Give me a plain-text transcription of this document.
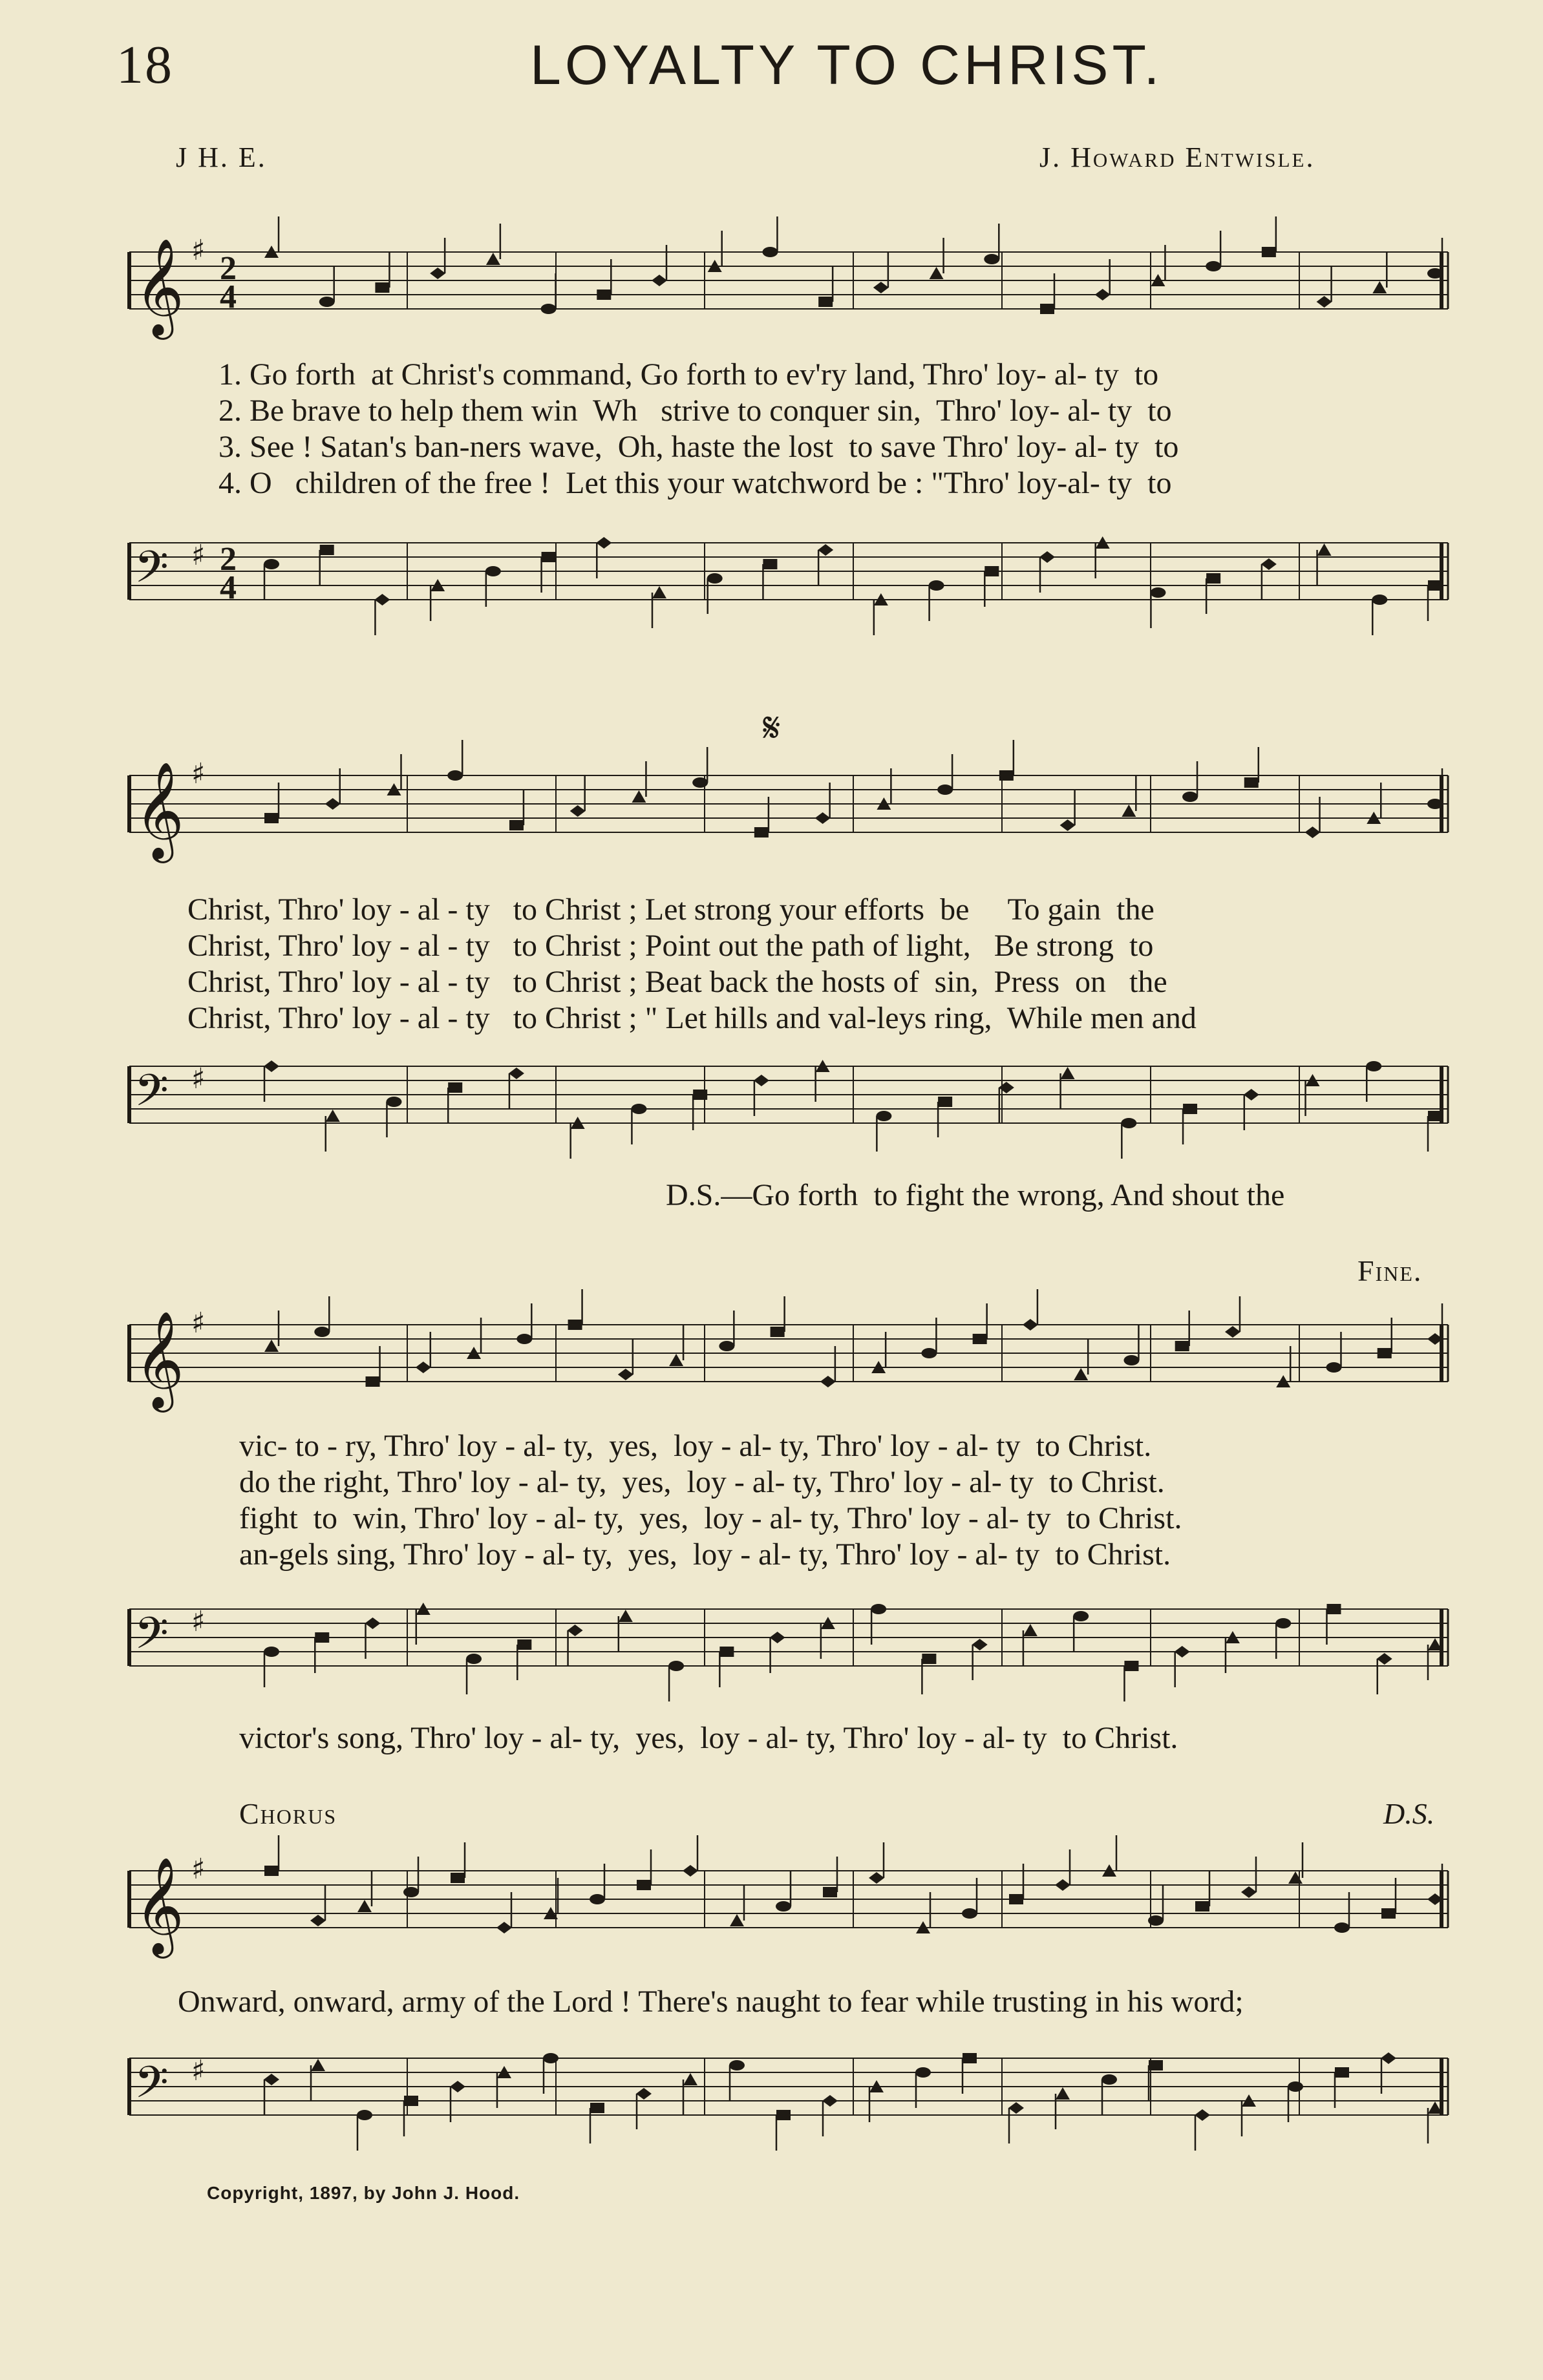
18	LOYALTY TO CHRIST.
J H. E.	J. Howard Entwisle.
𝄞 ♯ 2
4
𝄢 ♯ 2
4
1. Go forth  at Christ's command, Go forth to ev'ry land, Thro' loy- al- ty  to
2. Be brave to help them win  Wh   strive to conquer sin,  Thro' loy- al- ty  to
3. See ! Satan's ban-ners wave,  Oh, haste the lost  to save Thro' loy- al- ty  to
4. O   children of the free !  Let this your watchword be : "Thro' loy-al- ty  to
𝄋
𝄞 ♯
𝄢 ♯
Christ, Thro' loy - al - ty   to Christ ; Let strong your efforts  be     To gain  the
Christ, Thro' loy - al - ty   to Christ ; Point out the path of light,   Be strong  to
Christ, Thro' loy - al - ty   to Christ ; Beat back the hosts of  sin,  Press  on   the
Christ, Thro' loy - al - ty   to Christ ; " Let hills and val-leys ring,  While men and
D.S.—Go forth  to fight the wrong, And shout the
Fine.
𝄞 ♯
𝄢 ♯
vic- to - ry, Thro' loy - al- ty,  yes,  loy - al- ty, Thro' loy - al- ty  to Christ.
do the right, Thro' loy - al- ty,  yes,  loy - al- ty, Thro' loy - al- ty  to Christ.
fight  to  win, Thro' loy - al- ty,  yes,  loy - al- ty, Thro' loy - al- ty  to Christ.
an-gels sing, Thro' loy - al- ty,  yes,  loy - al- ty, Thro' loy - al- ty  to Christ.
victor's song, Thro' loy - al- ty,  yes,  loy - al- ty, Thro' loy - al- ty  to Christ.
Chorus	D.S.
𝄞 ♯
Onward, onward, army of the Lord ! There's naught to fear while trusting in his word;
𝄢 ♯
Copyright, 1897, by John J. Hood.
